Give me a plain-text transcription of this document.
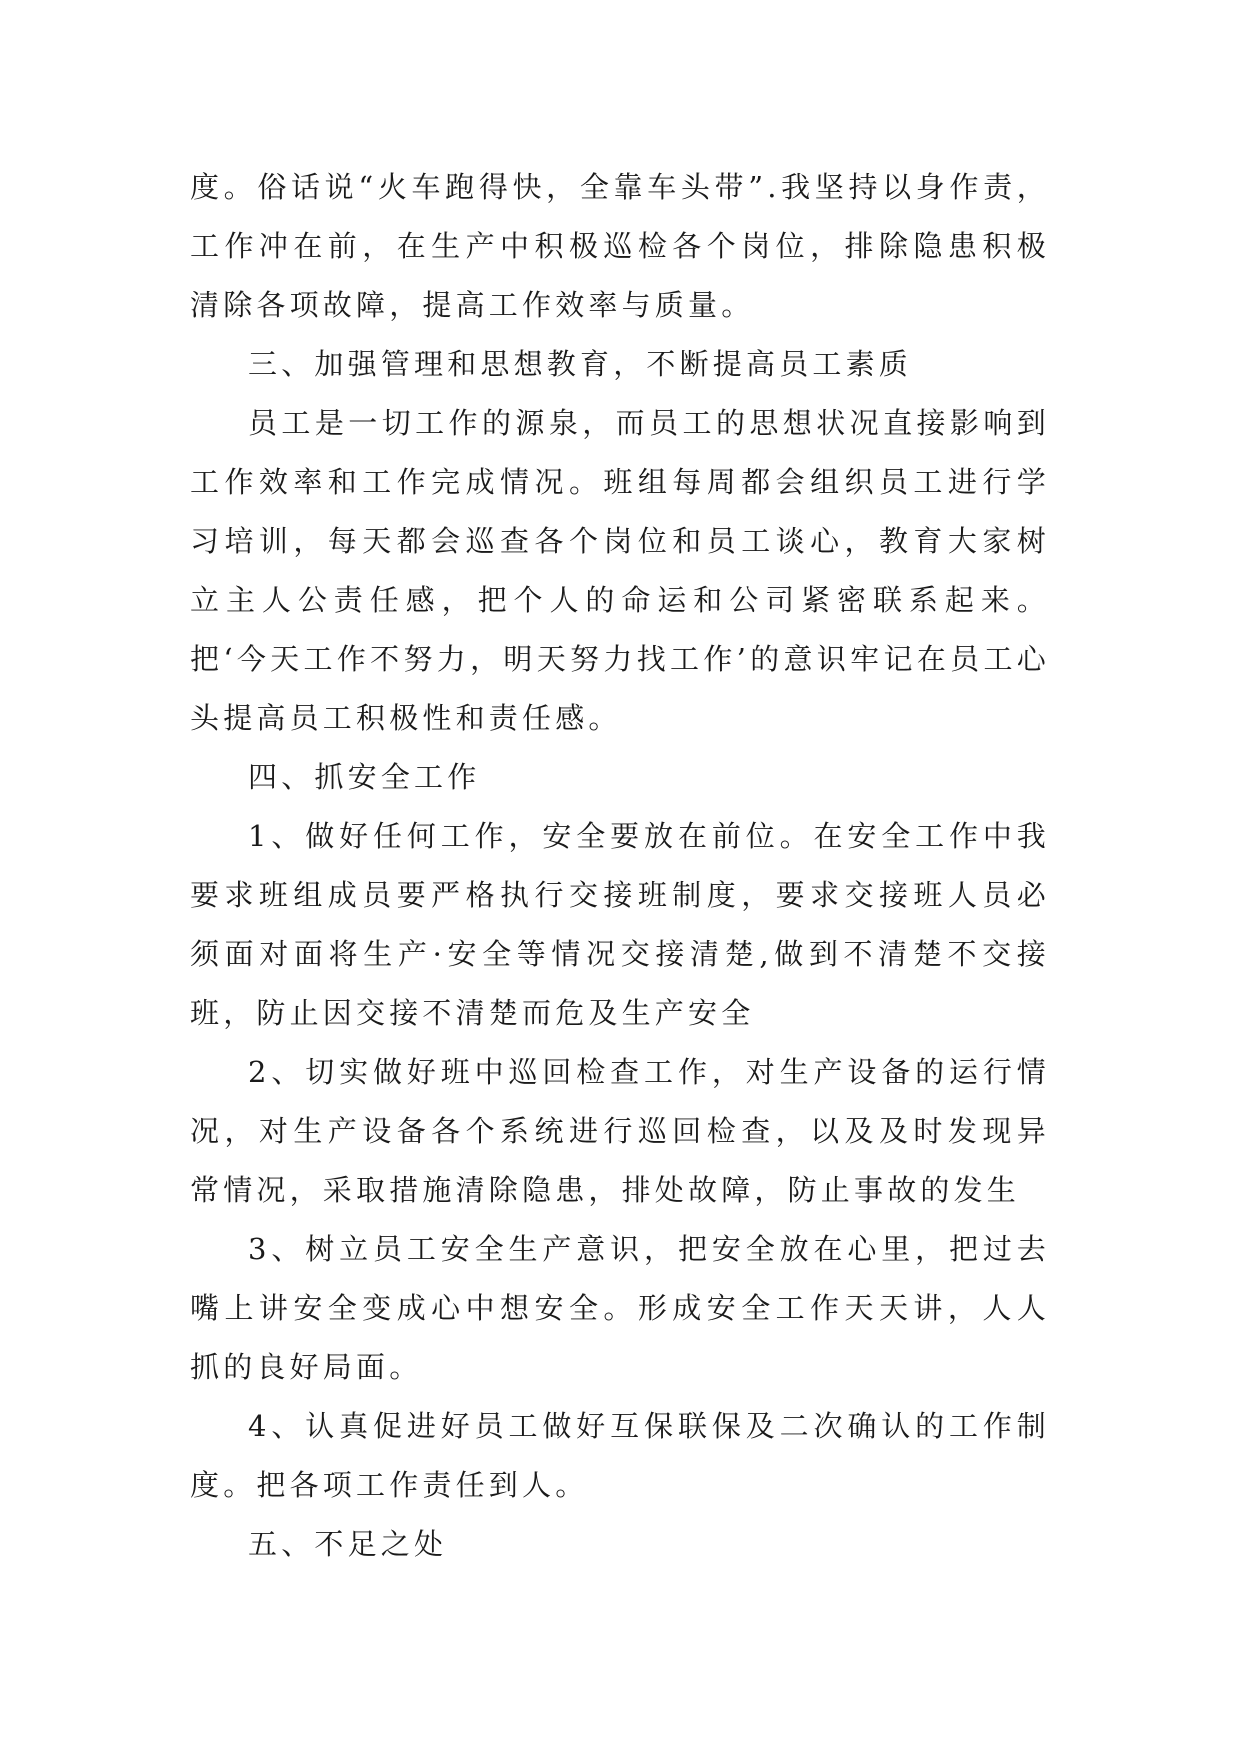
度。俗话说“火车跑得快，全靠车头带”.我坚持以身作责，工作冲在前，在生产中积极巡检各个岗位，排除隐患积极清除各项故障，提高工作效率与质量。

三、加强管理和思想教育，不断提高员工素质

员工是一切工作的源泉，而员工的思想状况直接影响到工作效率和工作完成情况。班组每周都会组织员工进行学习培训，每天都会巡查各个岗位和员工谈心，教育大家树立主人公责任感，把个人的命运和公司紧密联系起来。把‘今天工作不努力，明天努力找工作’的意识牢记在员工心头提高员工积极性和责任感。

四、抓安全工作

1、做好任何工作，安全要放在前位。在安全工作中我要求班组成员要严格执行交接班制度，要求交接班人员必须面对面将生产·安全等情况交接清楚,做到不清楚不交接班，防止因交接不清楚而危及生产安全

2、切实做好班中巡回检查工作，对生产设备的运行情况，对生产设备各个系统进行巡回检查，以及及时发现异常情况，采取措施清除隐患，排处故障，防止事故的发生

3、树立员工安全生产意识，把安全放在心里，把过去嘴上讲安全变成心中想安全。形成安全工作天天讲，人人抓的良好局面。

4、认真促进好员工做好互保联保及二次确认的工作制度。把各项工作责任到人。

五、不足之处
